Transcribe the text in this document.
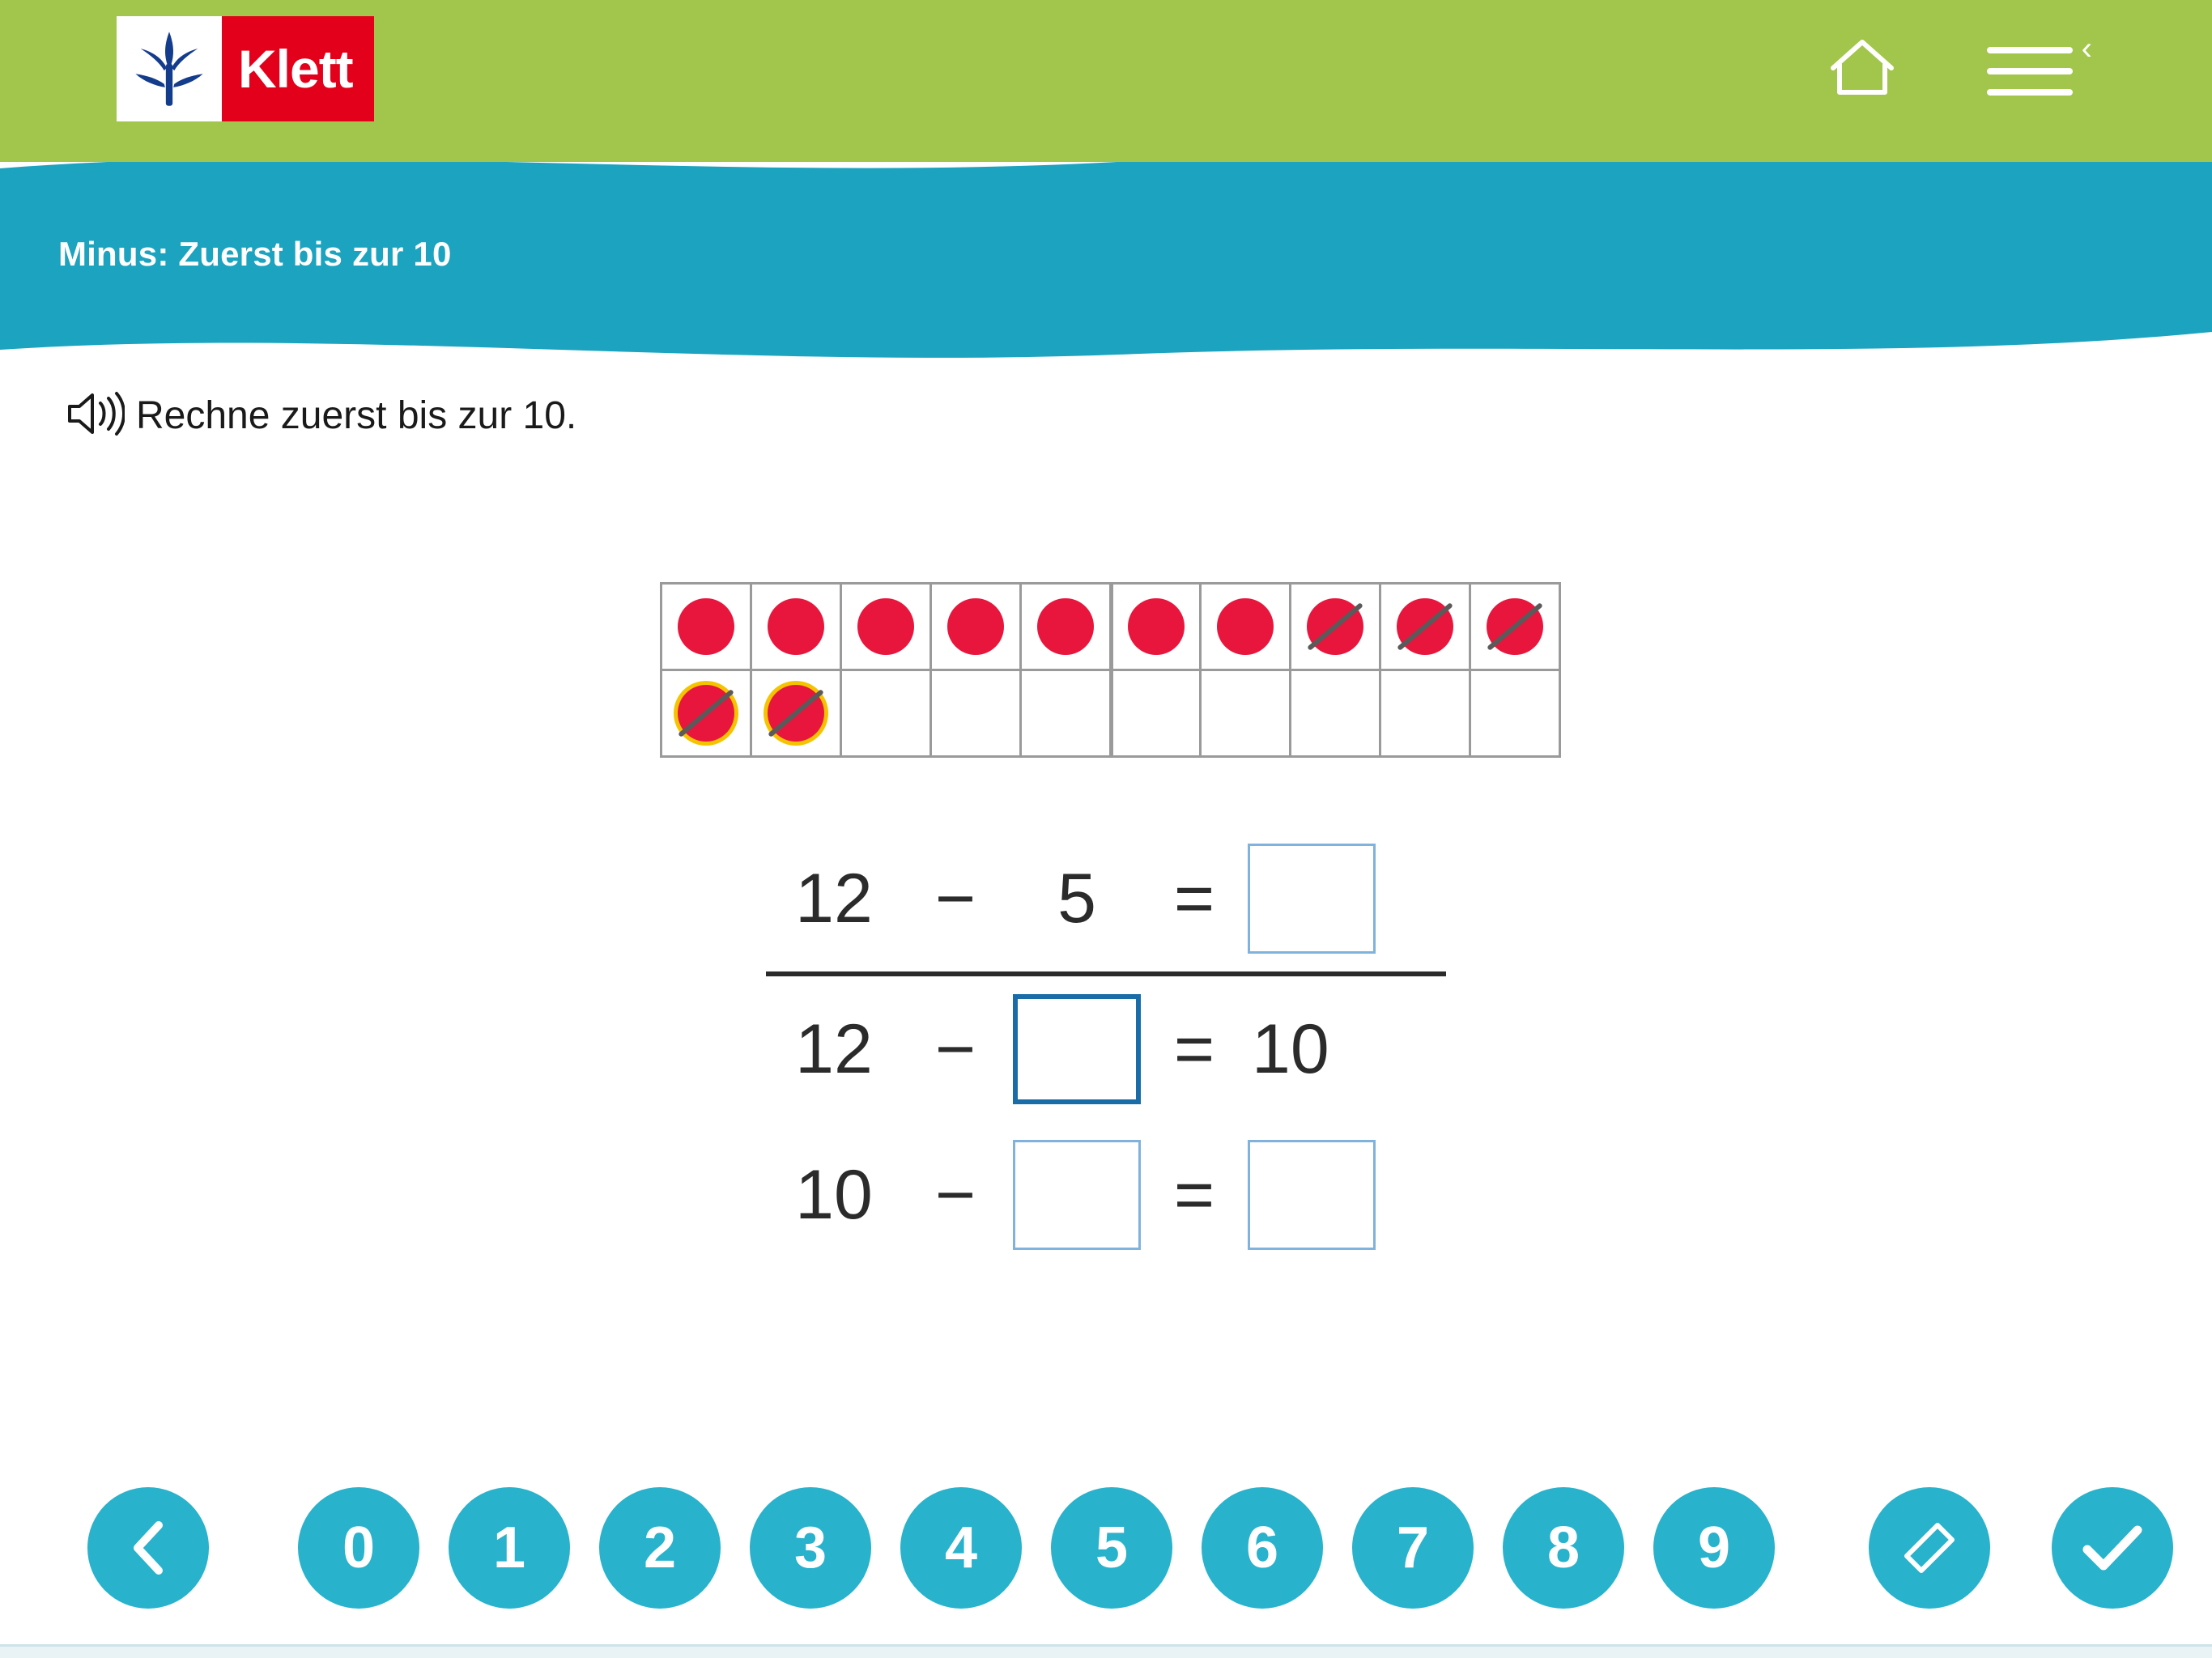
Klett	‹
Minus: Zuerst bis zur 10
Rechne zuerst bis zur 10.
12 −	5	=
12 −	= 10
10 −	=
0	1	2	3	4	5	6	7	8	9
